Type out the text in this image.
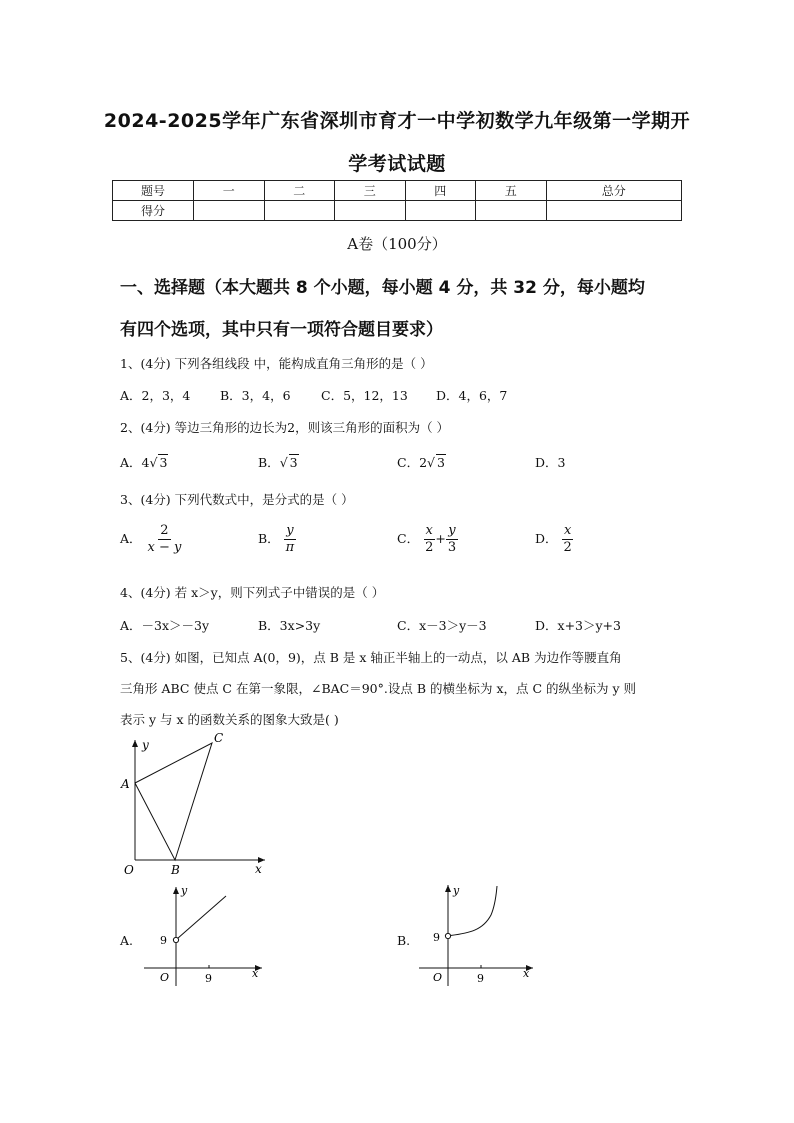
2024-2025学年广东省深圳市育才一中学初数学九年级第一学期开
学考试试题
题号	一	二	三	四	五	总分
得分						
A卷（100分）
一、选择题（本大题共 8 个小题，每小题 4 分，共 32 分，每小题均
有四个选项，其中只有一项符合题目要求）
1、(4分) 下列各组线段 中，能构成直角三角形的是（ ）
A．2，3，4 B．3，4，6 C．5，12，13 D．4，6，7
2、(4分) 等边三角形的边长为2，则该三角形的面积为（ ）
A．4√ 3	B．√ 3	C．2√ 3	D．3
3、(4分) 下列代数式中，是分式的是（ ）
A． $\frac{2}{x - y}$	B． $\frac{y}{\pi}$	C． $\frac{x}{2} + \frac{y}{3}$	D． $\frac{x}{2}$
4、(4分) 若 x＞y，则下列式子中错误的是（ ）
A．－3x＞－3y	B．3x>3y	C．x－3＞y－3	D．x+3＞y+3
5、(4分) 如图，已知点 A(0，9)，点 B 是 x 轴正半轴上的一动点，以 AB 为边作等腰直角
三角形 ABC 使点 C 在第一象限，∠BAC＝90°.设点 B 的横坐标为 x，点 C 的纵坐标为 y 则
表示 y 与 x 的函数关系的图象大致是( )
y	C
A
O	B	x
A.
y
9
O	9	x
B.
y
9
O	9	x
